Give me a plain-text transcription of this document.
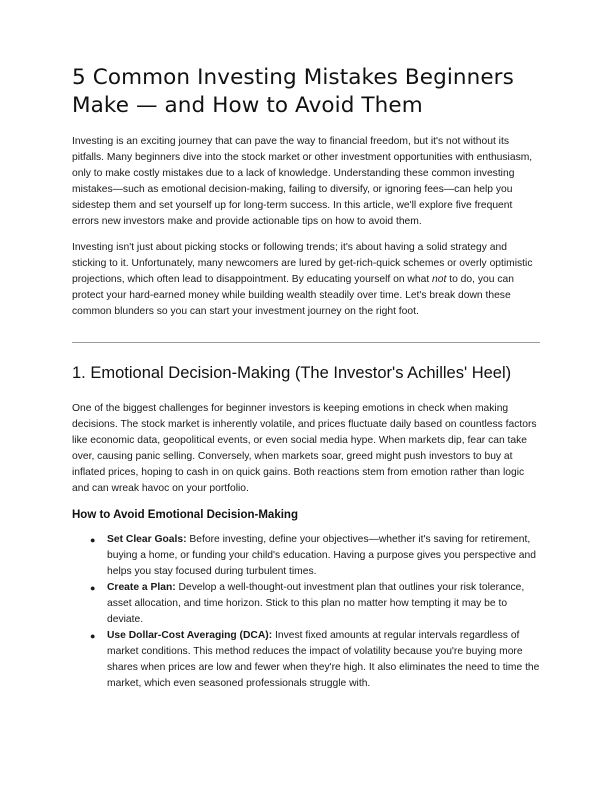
5 Common Investing Mistakes Beginners Make — and How to Avoid Them

Investing is an exciting journey that can pave the way to financial freedom, but it's not without its pitfalls. Many beginners dive into the stock market or other investment opportunities with enthusiasm, only to make costly mistakes due to a lack of knowledge. Understanding these common investing mistakes—such as emotional decision-making, failing to diversify, or ignoring fees—can help you sidestep them and set yourself up for long-term success. In this article, we'll explore five frequent errors new investors make and provide actionable tips on how to avoid them.

Investing isn't just about picking stocks or following trends; it's about having a solid strategy and sticking to it. Unfortunately, many newcomers are lured by get-rich-quick schemes or overly optimistic projections, which often lead to disappointment. By educating yourself on what not to do, you can protect your hard-earned money while building wealth steadily over time. Let's break down these common blunders so you can start your investment journey on the right foot.

1. Emotional Decision-Making (The Investor's Achilles' Heel)

One of the biggest challenges for beginner investors is keeping emotions in check when making decisions. The stock market is inherently volatile, and prices fluctuate daily based on countless factors like economic data, geopolitical events, or even social media hype. When markets dip, fear can take over, causing panic selling. Conversely, when markets soar, greed might push investors to buy at inflated prices, hoping to cash in on quick gains. Both reactions stem from emotion rather than logic and can wreak havoc on your portfolio.

How to Avoid Emotional Decision-Making
● Set Clear Goals: Before investing, define your objectives—whether it's saving for retirement, buying a home, or funding your child's education. Having a purpose gives you perspective and helps you stay focused during turbulent times.
● Create a Plan: Develop a well-thought-out investment plan that outlines your risk tolerance, asset allocation, and time horizon. Stick to this plan no matter how tempting it may be to deviate.
● Use Dollar-Cost Averaging (DCA): Invest fixed amounts at regular intervals regardless of market conditions. This method reduces the impact of volatility because you're buying more shares when prices are low and fewer when they're high. It also eliminates the need to time the market, which even seasoned professionals struggle with.
